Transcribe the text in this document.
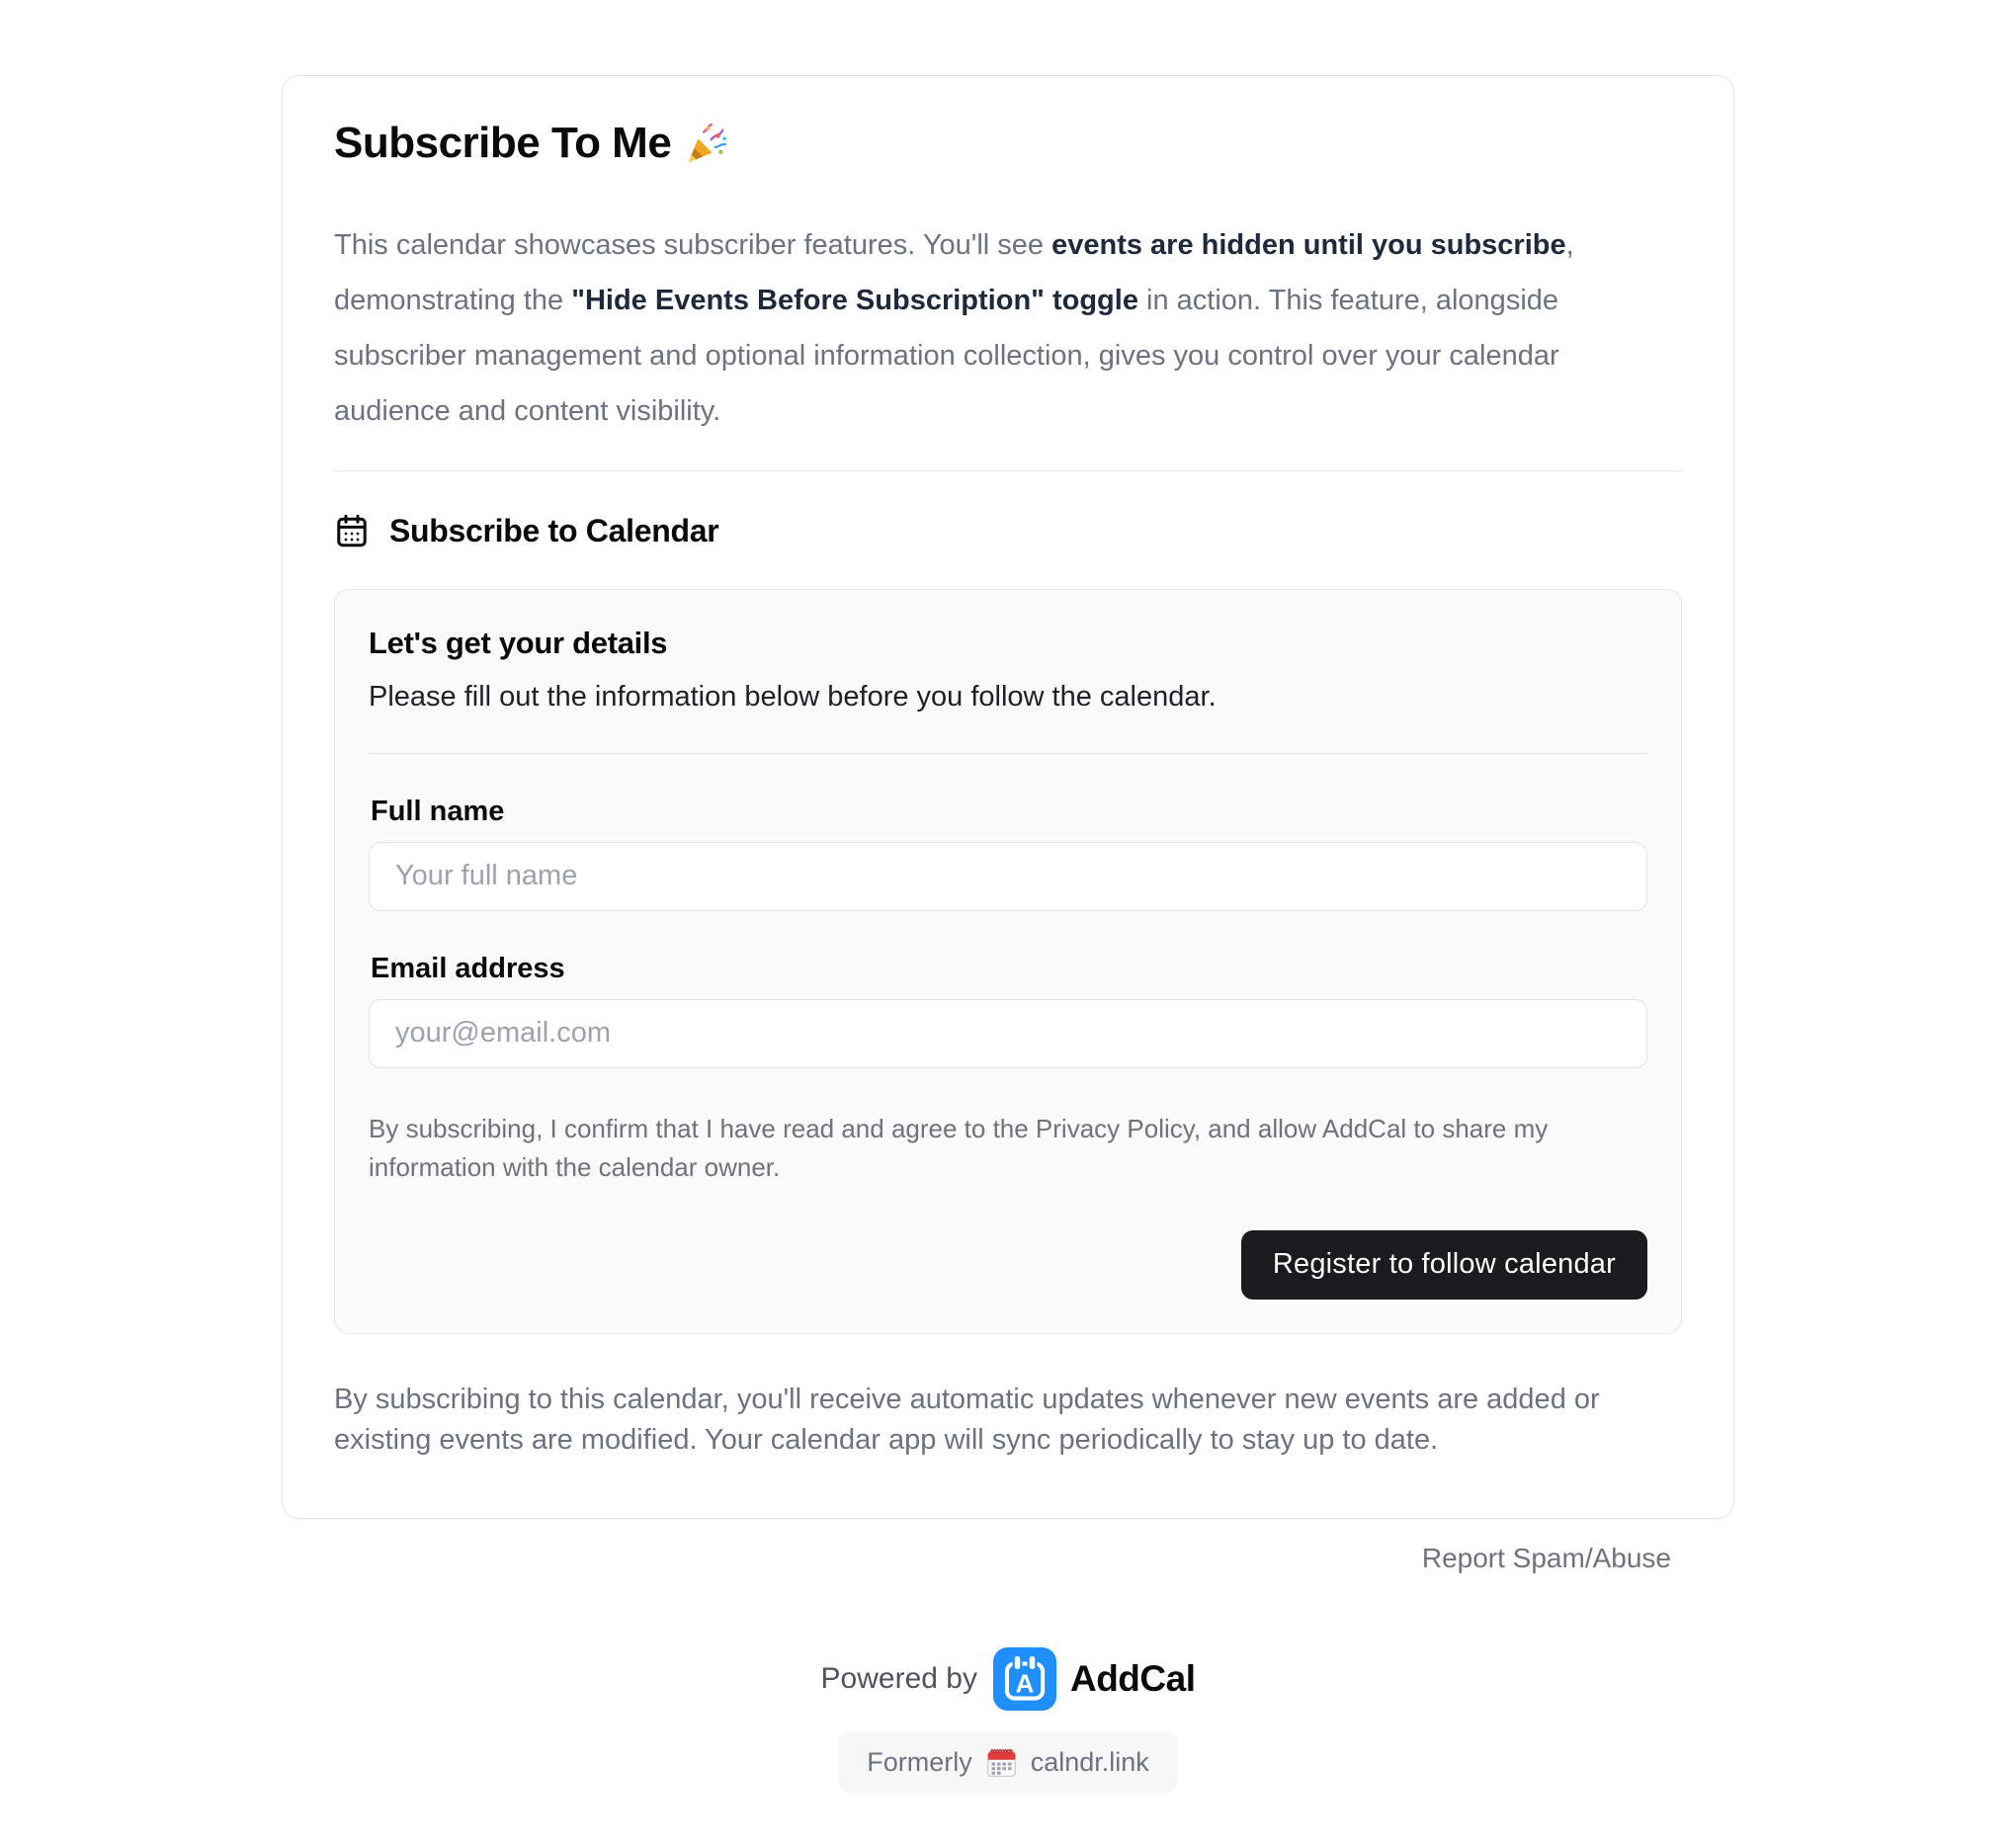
Subscribe To Me

This calendar showcases subscriber features. You'll see events are hidden until you subscribe, demonstrating the "Hide Events Before Subscription" toggle in action. This feature, alongside subscriber management and optional information collection, gives you control over your calendar audience and content visibility.

Subscribe to Calendar
Let's get your details

Please fill out the information below before you follow the calendar.

Full name
Your full name
Email address
your@email.com

By subscribing, I confirm that I have read and agree to the Privacy Policy, and allow AddCal to share my information with the calendar owner.

Register to follow calendar

By subscribing to this calendar, you'll receive automatic updates whenever new events are added or existing events are modified. Your calendar app will sync periodically to stay up to date.

Report Spam/Abuse
Powered by A AddCal
Formerly calndr.link
